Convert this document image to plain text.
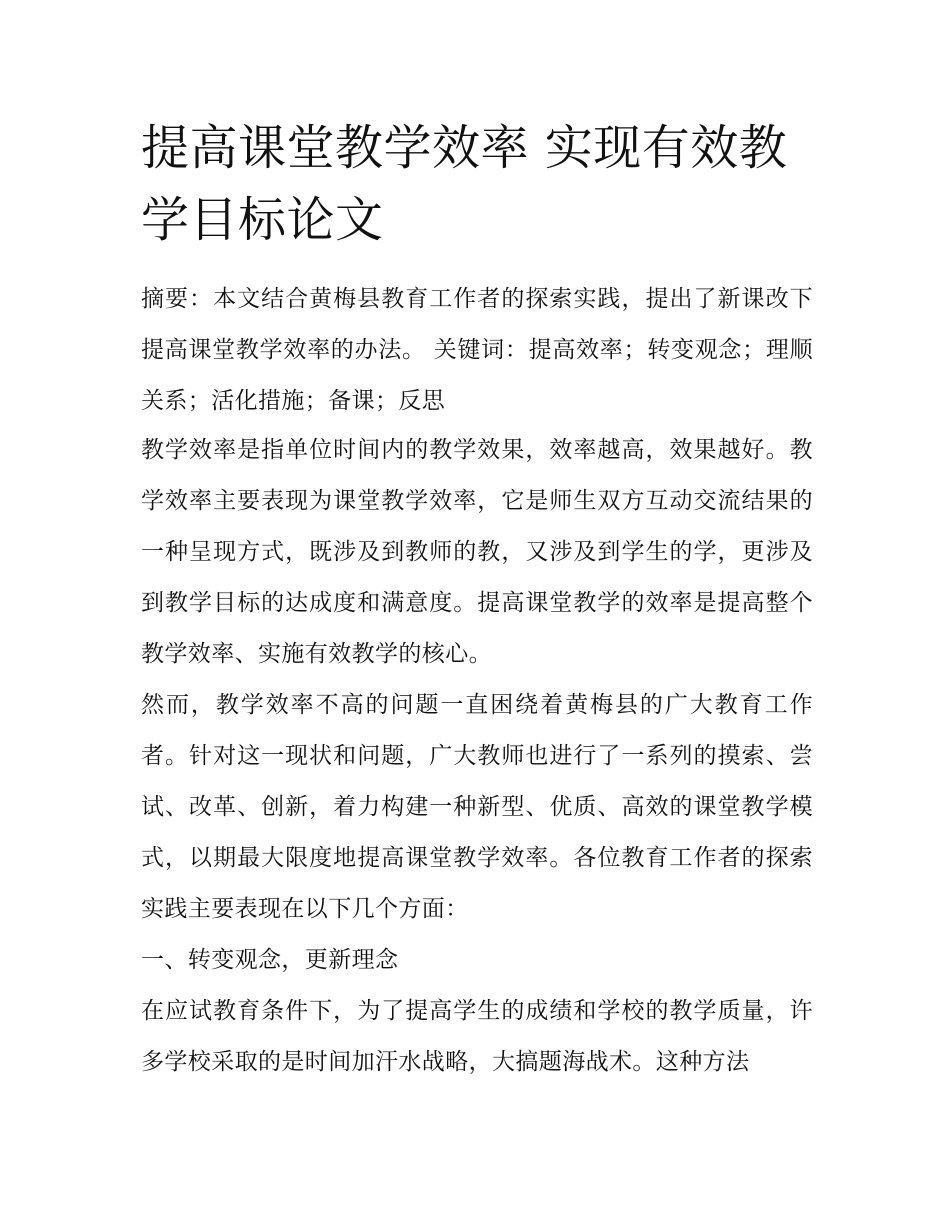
提高课堂教学效率 实现有效教学目标论文

摘要：本文结合黄梅县教育工作者的探索实践，提出了新课改下提高课堂教学效率的办法。 关键词：提高效率；转变观念；理顺关系；活化措施；备课；反思

教学效率是指单位时间内的教学效果，效率越高，效果越好。教学效率主要表现为课堂教学效率，它是师生双方互动交流结果的一种呈现方式，既涉及到教师的教，又涉及到学生的学，更涉及到教学目标的达成度和满意度。提高课堂教学的效率是提高整个教学效率、实施有效教学的核心。

然而，教学效率不高的问题一直困绕着黄梅县的广大教育工作者。针对这一现状和问题，广大教师也进行了一系列的摸索、尝试、改革、创新，着力构建一种新型、优质、高效的课堂教学模式，以期最大限度地提高课堂教学效率。各位教育工作者的探索实践主要表现在以下几个方面：

一、转变观念，更新理念

在应试教育条件下，为了提高学生的成绩和学校的教学质量，许多学校采取的是时间加汗水战略，大搞题海战术。这种方法
